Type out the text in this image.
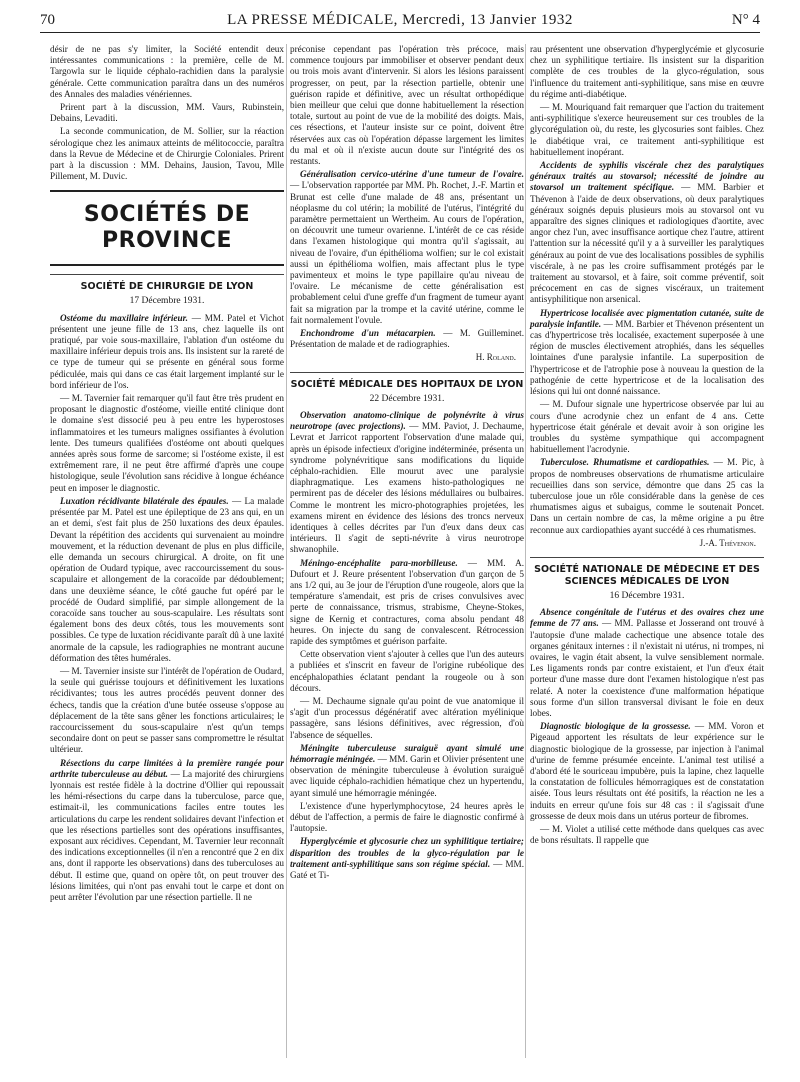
70	LA PRESSE MÉDICALE, Mercredi, 13 Janvier 1932	N° 4

désir de ne pas s'y limiter, la Société entendit deux intéressantes communications : la première, celle de M. Targowla sur le liquide céphalo-rachidien dans la paralysie générale. Cette communication paraîtra dans un des numéros des Annales des maladies vénériennes.

Prirent part à la discussion, MM. Vaurs, Rubinstein, Debains, Levaditi.

La seconde communication, de M. Sollier, sur la réaction sérologique chez les animaux atteints de mélitococcie, paraîtra dans la Revue de Médecine et de Chirurgie Coloniales. Prirent part à la discussion : MM. Dehains, Jausion, Tavou, Mlle Pillement, M. Duvic.

SOCIÉTÉS DE PROVINCE
SOCIÉTÉ DE CHIRURGIE DE LYON
17 Décembre 1931.

Ostéome du maxillaire inférieur. — MM. Patel et Vichot présentent une jeune fille de 13 ans, chez laquelle ils ont pratiqué, par voie sous-maxillaire, l'ablation d'un ostéome du maxillaire inférieur depuis trois ans. Ils insistent sur la rareté de ce type de tumeur qui se présente en général sous forme pédiculée, mais qui dans ce cas était largement implanté sur le bord inférieur de l'os.

— M. Tavernier fait remarquer qu'il faut être très prudent en proposant le diagnostic d'ostéome, vieille entité clinique dont le domaine s'est dissocié peu à peu entre les hyperostoses inflammatoires et les tumeurs malignes ossifiantes à évolution lente. Des tumeurs qualifiées d'ostéome ont abouti quelques années après sous forme de sarcome; si l'ostéome existe, il est extrêmement rare, il ne peut être affirmé d'après une coupe histologique, seule l'évolution sans récidive à longue échéance peut en imposer le diagnostic.

Luxation récidivante bilatérale des épaules. — La malade présentée par M. Patel est une épileptique de 23 ans qui, en un an et demi, s'est fait plus de 250 luxations des deux épaules. Devant la répétition des accidents qui survenaient au moindre mouvement, et la réduction devenant de plus en plus difficile, elle demanda un secours chirurgical. A droite, on fit une opération de Oudard typique, avec raccourcissement du sous-scapulaire et allongement de la coracoïde par dédoublement; dans une deuxième séance, le côté gauche fut opéré par le procédé de Oudard simplifié, par simple allongement de la coracoïde sans toucher au sous-scapulaire. Les résultats sont également bons des deux côtés, tous les mouvements sont possibles. Ce type de luxation récidivante paraît dû à une laxité anormale de la capsule, les radiographies ne montrant aucune déformation des têtes humérales.

— M. Tavernier insiste sur l'intérêt de l'opération de Oudard, la seule qui guérisse toujours et définitivement les luxations récidivantes; tous les autres procédés peuvent donner des échecs, tandis que la création d'une butée osseuse s'oppose au déplacement de la tête sans gêner les fonctions articulaires; le raccourcissement du sous-scapulaire n'est qu'un temps secondaire dont on peut se passer sans compromettre le résultat ultérieur.

Résections du carpe limitées à la première rangée pour arthrite tuberculeuse au début. — La majorité des chirurgiens lyonnais est restée fidèle à la doctrine d'Ollier qui repoussait les hémi-résections du carpe dans la tuberculose, parce que, estimait-il, les communications faciles entre toutes les articulations du carpe les rendent solidaires devant l'infection et que les résections partielles sont des opérations insuffisantes, exposant aux récidives. Cependant, M. Tavernier leur reconnaît des indications exceptionnelles (il n'en a rencontré que 2 en dix ans, dont il rapporte les observations) dans des tuberculoses au début. Il estime que, quand on opère tôt, on peut trouver des lésions limitées, qui n'ont pas envahi tout le carpe et dont on peut arrêter l'évolution par une résection partielle. Il ne

préconise cependant pas l'opération très précoce, mais commence toujours par immobiliser et observer pendant deux ou trois mois avant d'intervenir. Si alors les lésions paraissent progresser, on peut, par la résection partielle, obtenir une guérison rapide et définitive, avec un résultat orthopédique bien meilleur que celui que donne habituellement la résection totale, surtout au point de vue de la mobilité des doigts. Mais, ces résections, et l'auteur insiste sur ce point, doivent être réservées aux cas où l'opération dépasse largement les limites du mal et où il n'existe aucun doute sur l'intégrité des os restants.

Généralisation cervico-utérine d'une tumeur de l'ovaire. — L'observation rapportée par MM. Ph. Rochet, J.-F. Martin et Brunat est celle d'une malade de 48 ans, présentant un néoplasme du col utérin; la mobilité de l'utérus, l'intégrité du paramètre permettaient un Wertheim. Au cours de l'opération, on découvrit une tumeur ovarienne. L'intérêt de ce cas réside dans l'examen histologique qui montra qu'il s'agissait, au niveau de l'ovaire, d'un épithélioma wolfien; sur le col existait aussi un épithélioma wolfien, mais affectant plus le type pavimenteux et moins le type papillaire qu'au niveau de l'ovaire. Le mécanisme de cette généralisation est probablement celui d'une greffe d'un fragment de tumeur ayant fait sa migration par la trompe et la cavité utérine, comme le fait normalement l'ovule.

Enchondrome d'un métacarpien. — M. Guilleminet. Présentation de malade et de radiographies.

H. Roland.
SOCIÉTÉ MÉDICALE DES HOPITAUX DE LYON
22 Décembre 1931.

Observation anatomo-clinique de polynévrite à virus neurotrope (avec projections). — MM. Paviot, J. Dechaume, Levrat et Jarricot rapportent l'observation d'une malade qui, après un épisode infectieux d'origine indéterminée, présenta un syndrome polynévritique sans modifications du liquide céphalo-rachidien. Elle mourut avec une paralysie diaphragmatique. Les examens histo-pathologiques ne permirent pas de déceler des lésions médullaires ou bulbaires. Comme le montrent les micro-photographies projetées, les examens mirent en évidence des lésions des troncs nerveux identiques à celles décrites par l'un d'eux dans deux cas intérieurs. Il s'agit de septi-névrite à virus neurotrope shwanophile.

Méningo-encéphalite para-morbilleuse. — MM. A. Dufourt et J. Reure présentent l'observation d'un garçon de 5 ans 1/2 qui, au 3e jour de l'éruption d'une rougeole, alors que la température s'amendait, est pris de crises convulsives avec perte de connaissance, trismus, strabisme, Cheyne-Stokes, signe de Kernig et contractures, coma absolu pendant 48 heures. On injecte du sang de convalescent. Rétrocession rapide des symptômes et guérison parfaite.

Cette observation vient s'ajouter à celles que l'un des auteurs a publiées et s'inscrit en faveur de l'origine rubéolique des encéphalopathies éclatant pendant la rougeole ou à son décours.

— M. Dechaume signale qu'au point de vue anatomique il s'agit d'un processus dégénératif avec altération myélinique passagère, sans lésions définitives, avec régression, d'où l'absence de séquelles.

Méningite tuberculeuse suraiguë ayant simulé une hémorragie méningée. — MM. Garin et Olivier présentent une observation de méningite tuberculeuse à évolution suraiguë avec liquide céphalo-rachidien hématique chez un hypertendu, ayant simulé une hémorragie méningée.

L'existence d'une hyperlymphocytose, 24 heures après le début de l'affection, a permis de faire le diagnostic confirmé à l'autopsie.

Hyperglycémie et glycosurie chez un syphilitique tertiaire; disparition des troubles de la glyco-régulation par le traitement anti-syphilitique sans son régime spécial. — MM. Gaté et Ti-

rau présentent une observation d'hyperglycémie et glycosurie chez un syphilitique tertiaire. Ils insistent sur la disparition complète de ces troubles de la glyco-régulation, sous l'influence du traitement anti-syphilitique, sans mise en œuvre du régime anti-diabétique.

— M. Mouriquand fait remarquer que l'action du traitement anti-syphilitique s'exerce heureusement sur ces troubles de la glycorégulation où, du reste, les glycosuries sont faibles. Chez le diabétique vrai, ce traitement anti-syphilitique est habituellement inopérant.

Accidents de syphilis viscérale chez des paralytiques généraux traités au stovarsol; nécessité de joindre au stovarsol un traitement spécifique. — MM. Barbier et Thévenon à l'aide de deux observations, où deux paralytiques généraux soignés depuis plusieurs mois au stovarsol ont vu apparaître des signes cliniques et radiologiques d'aortite, avec angor chez l'un, avec insuffisance aortique chez l'autre, attirent l'attention sur la nécessité qu'il y a à surveiller les paralytiques généraux au point de vue des localisations possibles de syphilis viscérale, à ne pas les croire suffisamment protégés par le traitement au stovarsol, et à faire, soit comme préventif, soit précocement en cas de signes viscéraux, un traitement antisyphilitique non arsenical.

Hypertricose localisée avec pigmentation cutanée, suite de paralysie infantile. — MM. Barbier et Thévenon présentent un cas d'hypertricose très localisée, exactement superposée à une région de muscles électivement atrophiés, dans les séquelles lointaines d'une paralysie infantile. La superposition de l'hypertricose et de l'atrophie pose à nouveau la question de la pathogénie de cette hypertricose et de la localisation des lésions qui lui ont donné naissance.

— M. Dufour signale une hypertricose observée par lui au cours d'une acrodynie chez un enfant de 4 ans. Cette hypertricose était générale et devait avoir à son origine les troubles du système sympathique qui accompagnent habituellement l'acrodynie.

Tuberculose. Rhumatisme et cardiopathies. — M. Pic, à propos de nombreuses observations de rhumatisme articulaire recueillies dans son service, démontre que dans 25 cas la tuberculose joue un rôle considérable dans la genèse de ces rhumatismes aigus et subaigus, comme le soutenait Poncet. Dans un certain nombre de cas, la même origine a pu être reconnue aux cardiopathies ayant succédé à ces rhumatismes.

J.-A. Thévenon.
SOCIÉTÉ NATIONALE DE MÉDECINE ET DES SCIENCES MÉDICALES DE LYON
16 Décembre 1931.

Absence congénitale de l'utérus et des ovaires chez une femme de 77 ans. — MM. Pallasse et Josserand ont trouvé à l'autopsie d'une malade cachectique une absence totale des organes génitaux internes : il n'existait ni utérus, ni trompes, ni ovaires, le vagin était absent, la vulve sensiblement normale. Les ligaments ronds par contre existaient, et l'un d'eux était porteur d'une masse dure dont l'examen histologique n'est pas relaté. A noter la coexistence d'une malformation hépatique sous forme d'un sillon transversal divisant le foie en deux lobes.

Diagnostic biologique de la grossesse. — MM. Voron et Pigeaud apportent les résultats de leur expérience sur le diagnostic biologique de la grossesse, par injection à l'animal d'urine de femme présumée enceinte. L'animal test utilisé a d'abord été le souriceau impubère, puis la lapine, chez laquelle la constatation de follicules hémorragiques est de constatation aisée. Tous leurs résultats ont été positifs, la réaction ne les a induits en erreur qu'une fois sur 48 cas : il s'agissait d'une grossesse de deux mois dans un utérus porteur de fibromes.

— M. Violet a utilisé cette méthode dans quelques cas avec de bons résultats. Il rappelle que
